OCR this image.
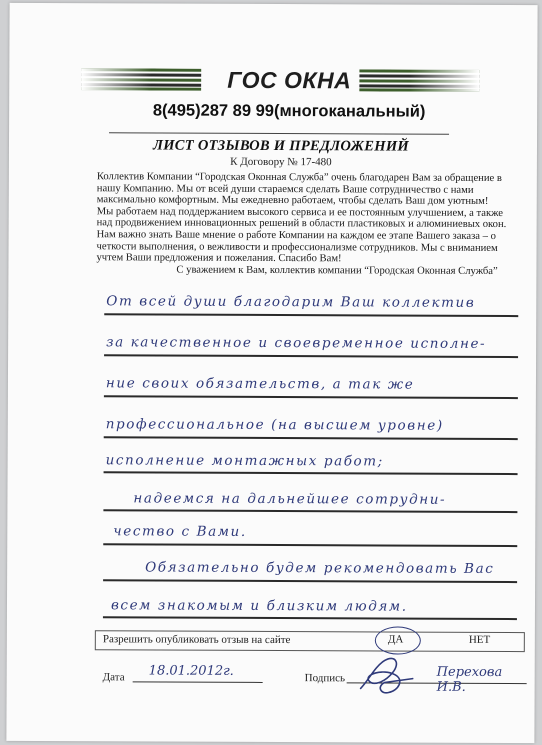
ГОС ОКНА
8(495)287 89 99(многоканальный)
ЛИСТ ОТЗЫВОВ И ПРЕДЛОЖЕНИЙ
К Договору № 17-480

Коллектив Компании “Городская Оконная Служба” очень благодарен Вам за обращение в

нашу Компанию. Мы от всей души стараемся сделать Ваше сотрудничество с нами

максимально комфортным. Мы ежедневно работаем, чтобы сделать Ваш дом уютным!

Мы работаем над поддержанием высокого сервиса и ее постоянным улучшением, а также

над продвижением инновационных решений в области пластиковых и алюминиевых окон.

Нам важно знать Ваше мнение о работе Компании на каждом ее этапе Вашего заказа – о

четкости выполнения, о вежливости и профессионализме сотрудников. Мы с вниманием

учтем Ваши предложения и пожелания. Спасибо Вам!

С уважением к Вам, коллектив компании “Городская Оконная Служба”

От всей души благодарим Ваш коллектив
за качественное и своевременное исполне-
ние своих обязательств, а так же
профессиональное (на высшем уровне)
исполнение монтажных работ;
надеемся на дальнейшее сотрудни-
чество с Вами.
Обязательно будем рекомендовать Вас
всем знакомым и близким людям.
Разрешить опубликовать отзыв на сайте	ДА	НЕТ
Дата 18.01.2012г.	Подпись	Перехова И.В.
